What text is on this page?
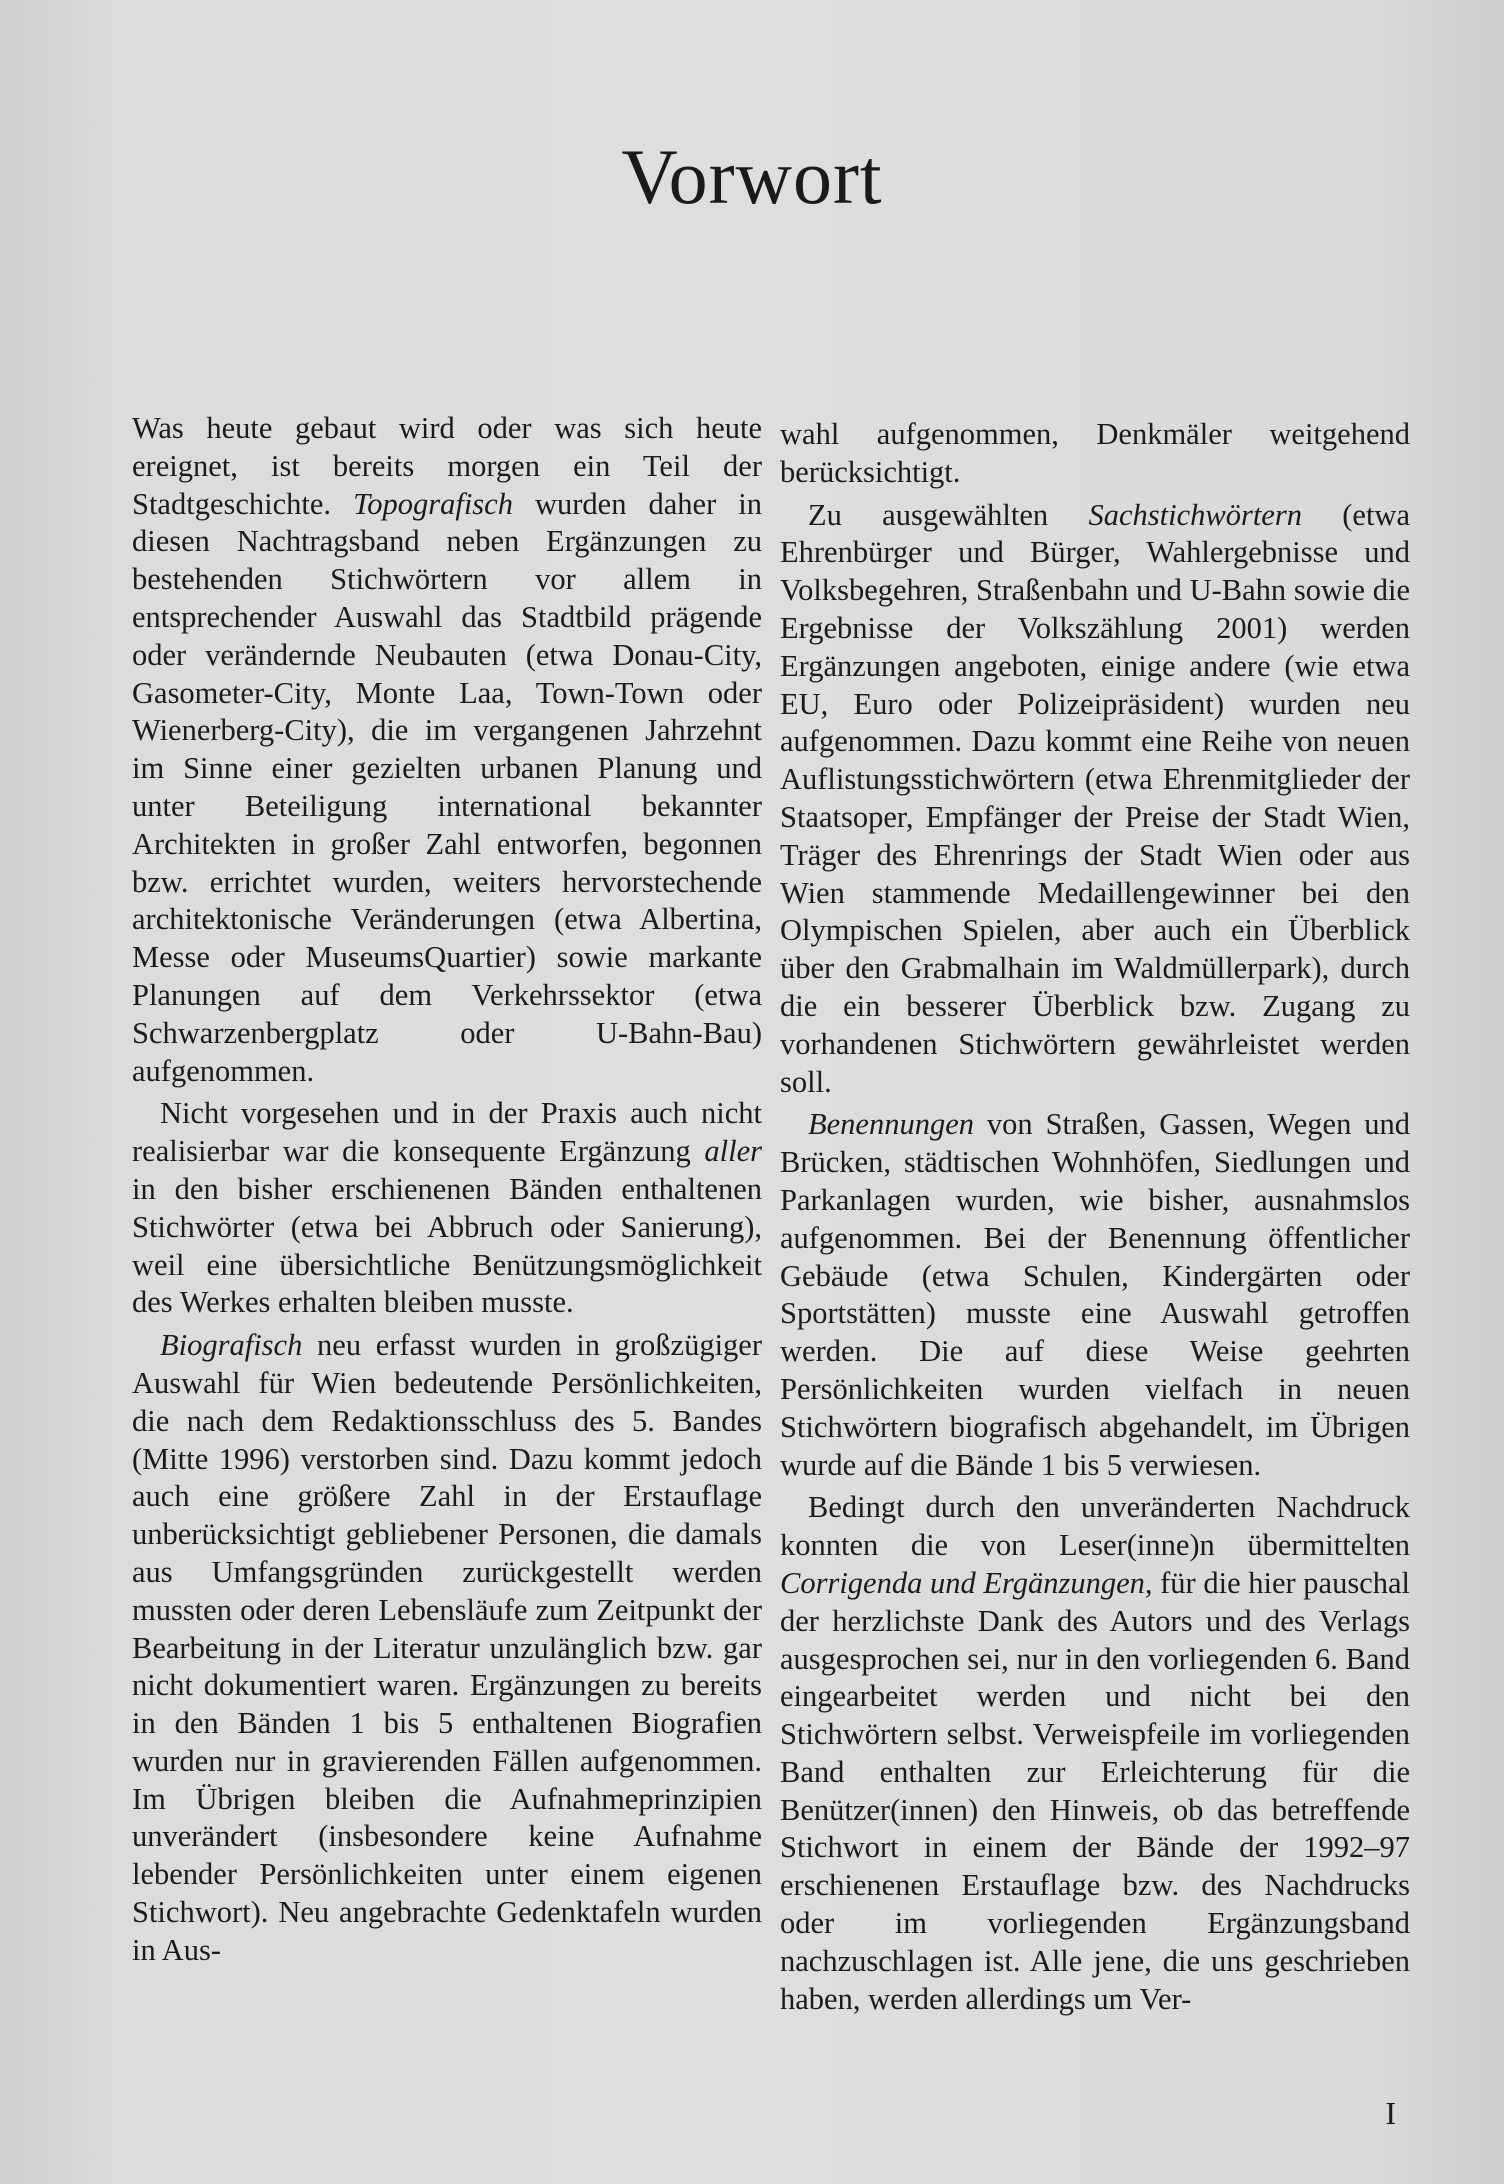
Vorwort

Was heute gebaut wird oder was sich heute ereignet, ist bereits morgen ein Teil der Stadtgeschichte. Topografisch wurden daher in diesen Nachtragsband neben Ergänzungen zu bestehenden Stichwörtern vor allem in entsprechender Auswahl das Stadtbild prägende oder verändernde Neubauten (etwa Donau-City, Gasometer-City, Monte Laa, Town-Town oder Wienerberg-City), die im vergangenen Jahrzehnt im Sinne einer gezielten urbanen Planung und unter Beteiligung international bekannter Architekten in großer Zahl entworfen, begonnen bzw. errichtet wurden, weiters hervorstechende architektonische Veränderungen (etwa Albertina, Messe oder MuseumsQuartier) sowie markante Planungen auf dem Verkehrssektor (etwa Schwarzenbergplatz oder U-Bahn-Bau) aufgenommen.

Nicht vorgesehen und in der Praxis auch nicht realisierbar war die konsequente Ergänzung aller in den bisher erschienenen Bänden enthaltenen Stichwörter (etwa bei Abbruch oder Sanierung), weil eine übersichtliche Benützungsmöglichkeit des Werkes erhalten bleiben musste.

Biografisch neu erfasst wurden in großzügiger Auswahl für Wien bedeutende Persönlichkeiten, die nach dem Redaktionsschluss des 5. Bandes (Mitte 1996) verstorben sind. Dazu kommt jedoch auch eine größere Zahl in der Erstauflage unberücksichtigt gebliebener Personen, die damals aus Umfangsgründen zurückgestellt werden mussten oder deren Lebensläufe zum Zeitpunkt der Bearbeitung in der Literatur unzulänglich bzw. gar nicht dokumentiert waren. Ergänzungen zu bereits in den Bänden 1 bis 5 enthaltenen Biografien wurden nur in gravierenden Fällen aufgenommen. Im Übrigen bleiben die Aufnahmeprinzipien unverändert (insbesondere keine Aufnahme lebender Persönlichkeiten unter einem eigenen Stichwort). Neu angebrachte Gedenktafeln wurden in Aus-

wahl aufgenommen, Denkmäler weitgehend berücksichtigt.

Zu ausgewählten Sachstichwörtern (etwa Ehrenbürger und Bürger, Wahlergebnisse und Volksbegehren, Straßenbahn und U-Bahn sowie die Ergebnisse der Volkszählung 2001) werden Ergänzungen angeboten, einige andere (wie etwa EU, Euro oder Polizeipräsident) wurden neu aufgenommen. Dazu kommt eine Reihe von neuen Auflistungsstichwörtern (etwa Ehrenmitglieder der Staatsoper, Empfänger der Preise der Stadt Wien, Träger des Ehrenrings der Stadt Wien oder aus Wien stammende Medaillengewinner bei den Olympischen Spielen, aber auch ein Überblick über den Grabmalhain im Waldmüllerpark), durch die ein besserer Überblick bzw. Zugang zu vorhandenen Stichwörtern gewährleistet werden soll.

Benennungen von Straßen, Gassen, Wegen und Brücken, städtischen Wohnhöfen, Siedlungen und Parkanlagen wurden, wie bisher, ausnahmslos aufgenommen. Bei der Benennung öffentlicher Gebäude (etwa Schulen, Kindergärten oder Sportstätten) musste eine Auswahl getroffen werden. Die auf diese Weise geehrten Persönlichkeiten wurden vielfach in neuen Stichwörtern biografisch abgehandelt, im Übrigen wurde auf die Bände 1 bis 5 verwiesen.

Bedingt durch den unveränderten Nachdruck konnten die von Leser(inne)n übermittelten Corrigenda und Ergänzungen, für die hier pauschal der herzlichste Dank des Autors und des Verlags ausgesprochen sei, nur in den vorliegenden 6. Band eingearbeitet werden und nicht bei den Stichwörtern selbst. Verweispfeile im vorliegenden Band enthalten zur Erleichterung für die Benützer(innen) den Hinweis, ob das betreffende Stichwort in einem der Bände der 1992–97 erschienenen Erstauflage bzw. des Nachdrucks oder im vorliegenden Ergänzungsband nachzuschlagen ist. Alle jene, die uns geschrieben haben, werden allerdings um Ver-

I
